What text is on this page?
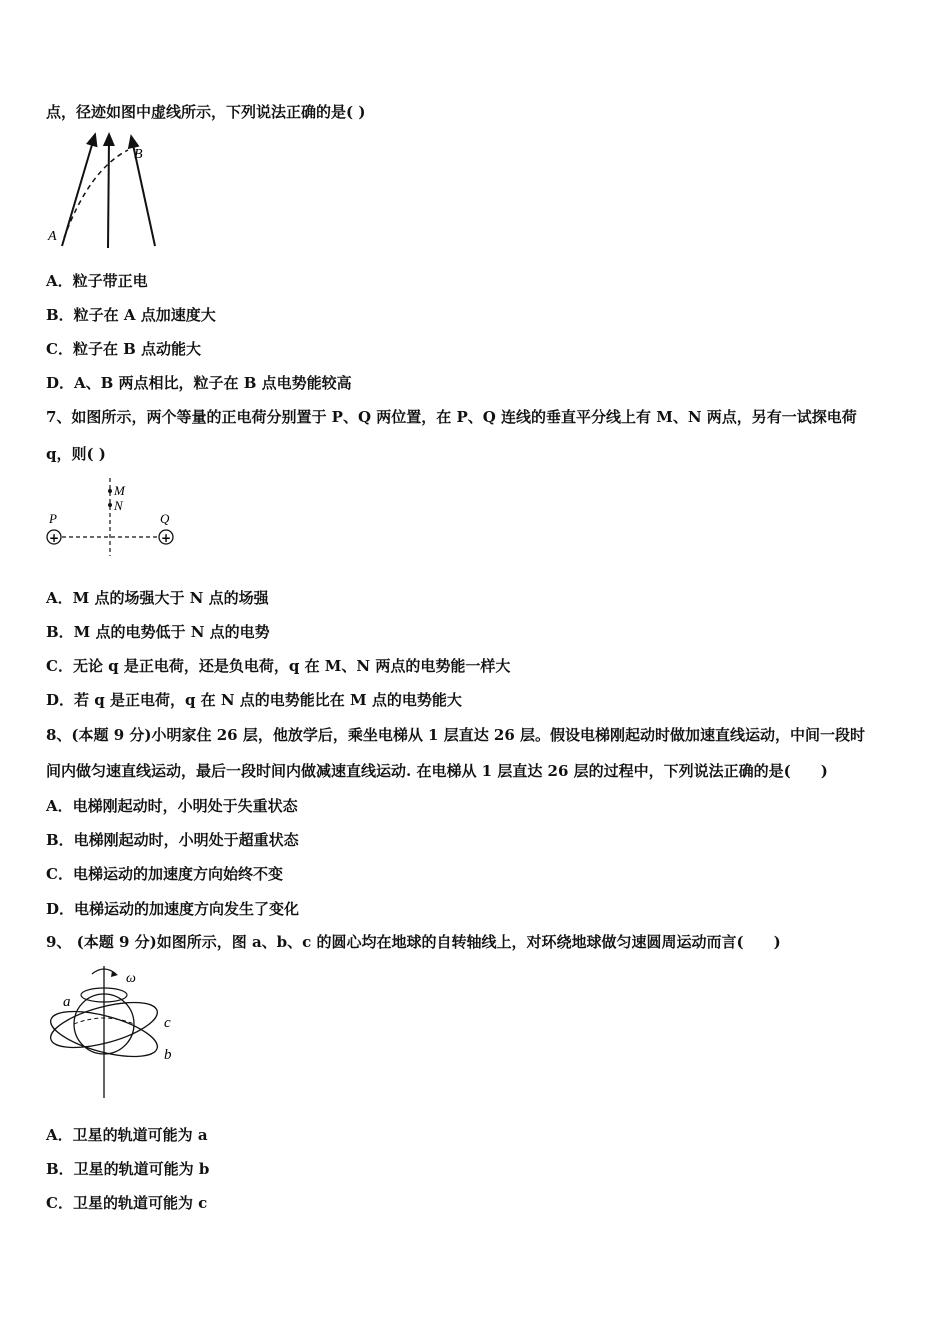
点，径迹如图中虚线所示，下列说法正确的是( )
A
B
A．粒子带正电
B．粒子在 A 点加速度大
C．粒子在 B 点动能大
D．A、B 两点相比，粒子在 B 点电势能较高
7、如图所示，两个等量的正电荷分别置于 P、Q 两位置，在 P、Q 连线的垂直平分线上有 M、N 两点，另有一试探电荷
q，则( )
+	+
M
N
P	Q
A．M 点的场强大于 N 点的场强
B．M 点的电势低于 N 点的电势
C．无论 q 是正电荷，还是负电荷，q 在 M、N 两点的电势能一样大
D．若 q 是正电荷，q 在 N 点的电势能比在 M 点的电势能大
8、(本题 9 分)小明家住 26 层，他放学后，乘坐电梯从 1 层直达 26 层。假设电梯刚起动时做加速直线运动，中间一段时
间内做匀速直线运动，最后一段时间内做减速直线运动. 在电梯从 1 层直达 26 层的过程中，下列说法正确的是(　　)
A．电梯刚起动时，小明处于失重状态
B．电梯刚起动时，小明处于超重状态
C．电梯运动的加速度方向始终不变
D．电梯运动的加速度方向发生了变化
9、 (本题 9 分)如图所示，图 a、b、c 的圆心均在地球的自转轴线上，对环绕地球做匀速圆周运动而言(　　)
ω
a
c
b
A．卫星的轨道可能为 a
B．卫星的轨道可能为 b
C．卫星的轨道可能为 c
